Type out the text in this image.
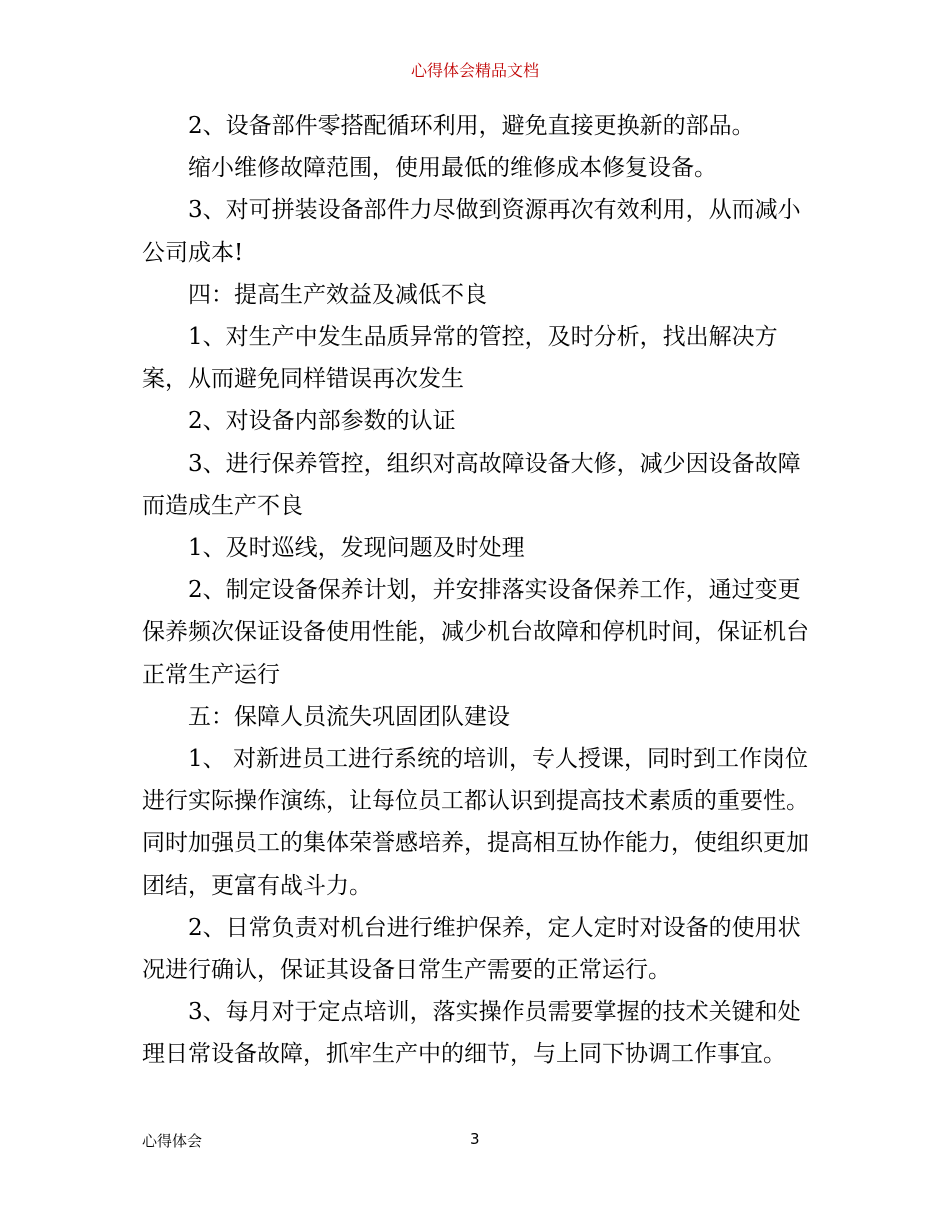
心得体会精品文档

2、设备部件零搭配循环利用，避免直接更换新的部品。

缩小维修故障范围，使用最低的维修成本修复设备。

3、对可拼装设备部件力尽做到资源再次有效利用，从而减小公司成本!

四：提高生产效益及减低不良

1、对生产中发生品质异常的管控，及时分析，找出解决方案，从而避免同样错误再次发生

2、对设备内部参数的认证

3、进行保养管控，组织对高故障设备大修，减少因设备故障而造成生产不良

1、及时巡线，发现问题及时处理

2、制定设备保养计划，并安排落实设备保养工作，通过变更保养频次保证设备使用性能，减少机台故障和停机时间，保证机台正常生产运行

五：保障人员流失巩固团队建设

1、 对新进员工进行系统的培训，专人授课，同时到工作岗位进行实际操作演练，让每位员工都认识到提高技术素质的重要性。同时加强员工的集体荣誉感培养，提高相互协作能力，使组织更加团结，更富有战斗力。

2、日常负责对机台进行维护保养，定人定时对设备的使用状况进行确认，保证其设备日常生产需要的正常运行。

3、每月对于定点培训，落实操作员需要掌握的技术关键和处理日常设备故障，抓牢生产中的细节，与上同下协调工作事宜。

心得体会	3
